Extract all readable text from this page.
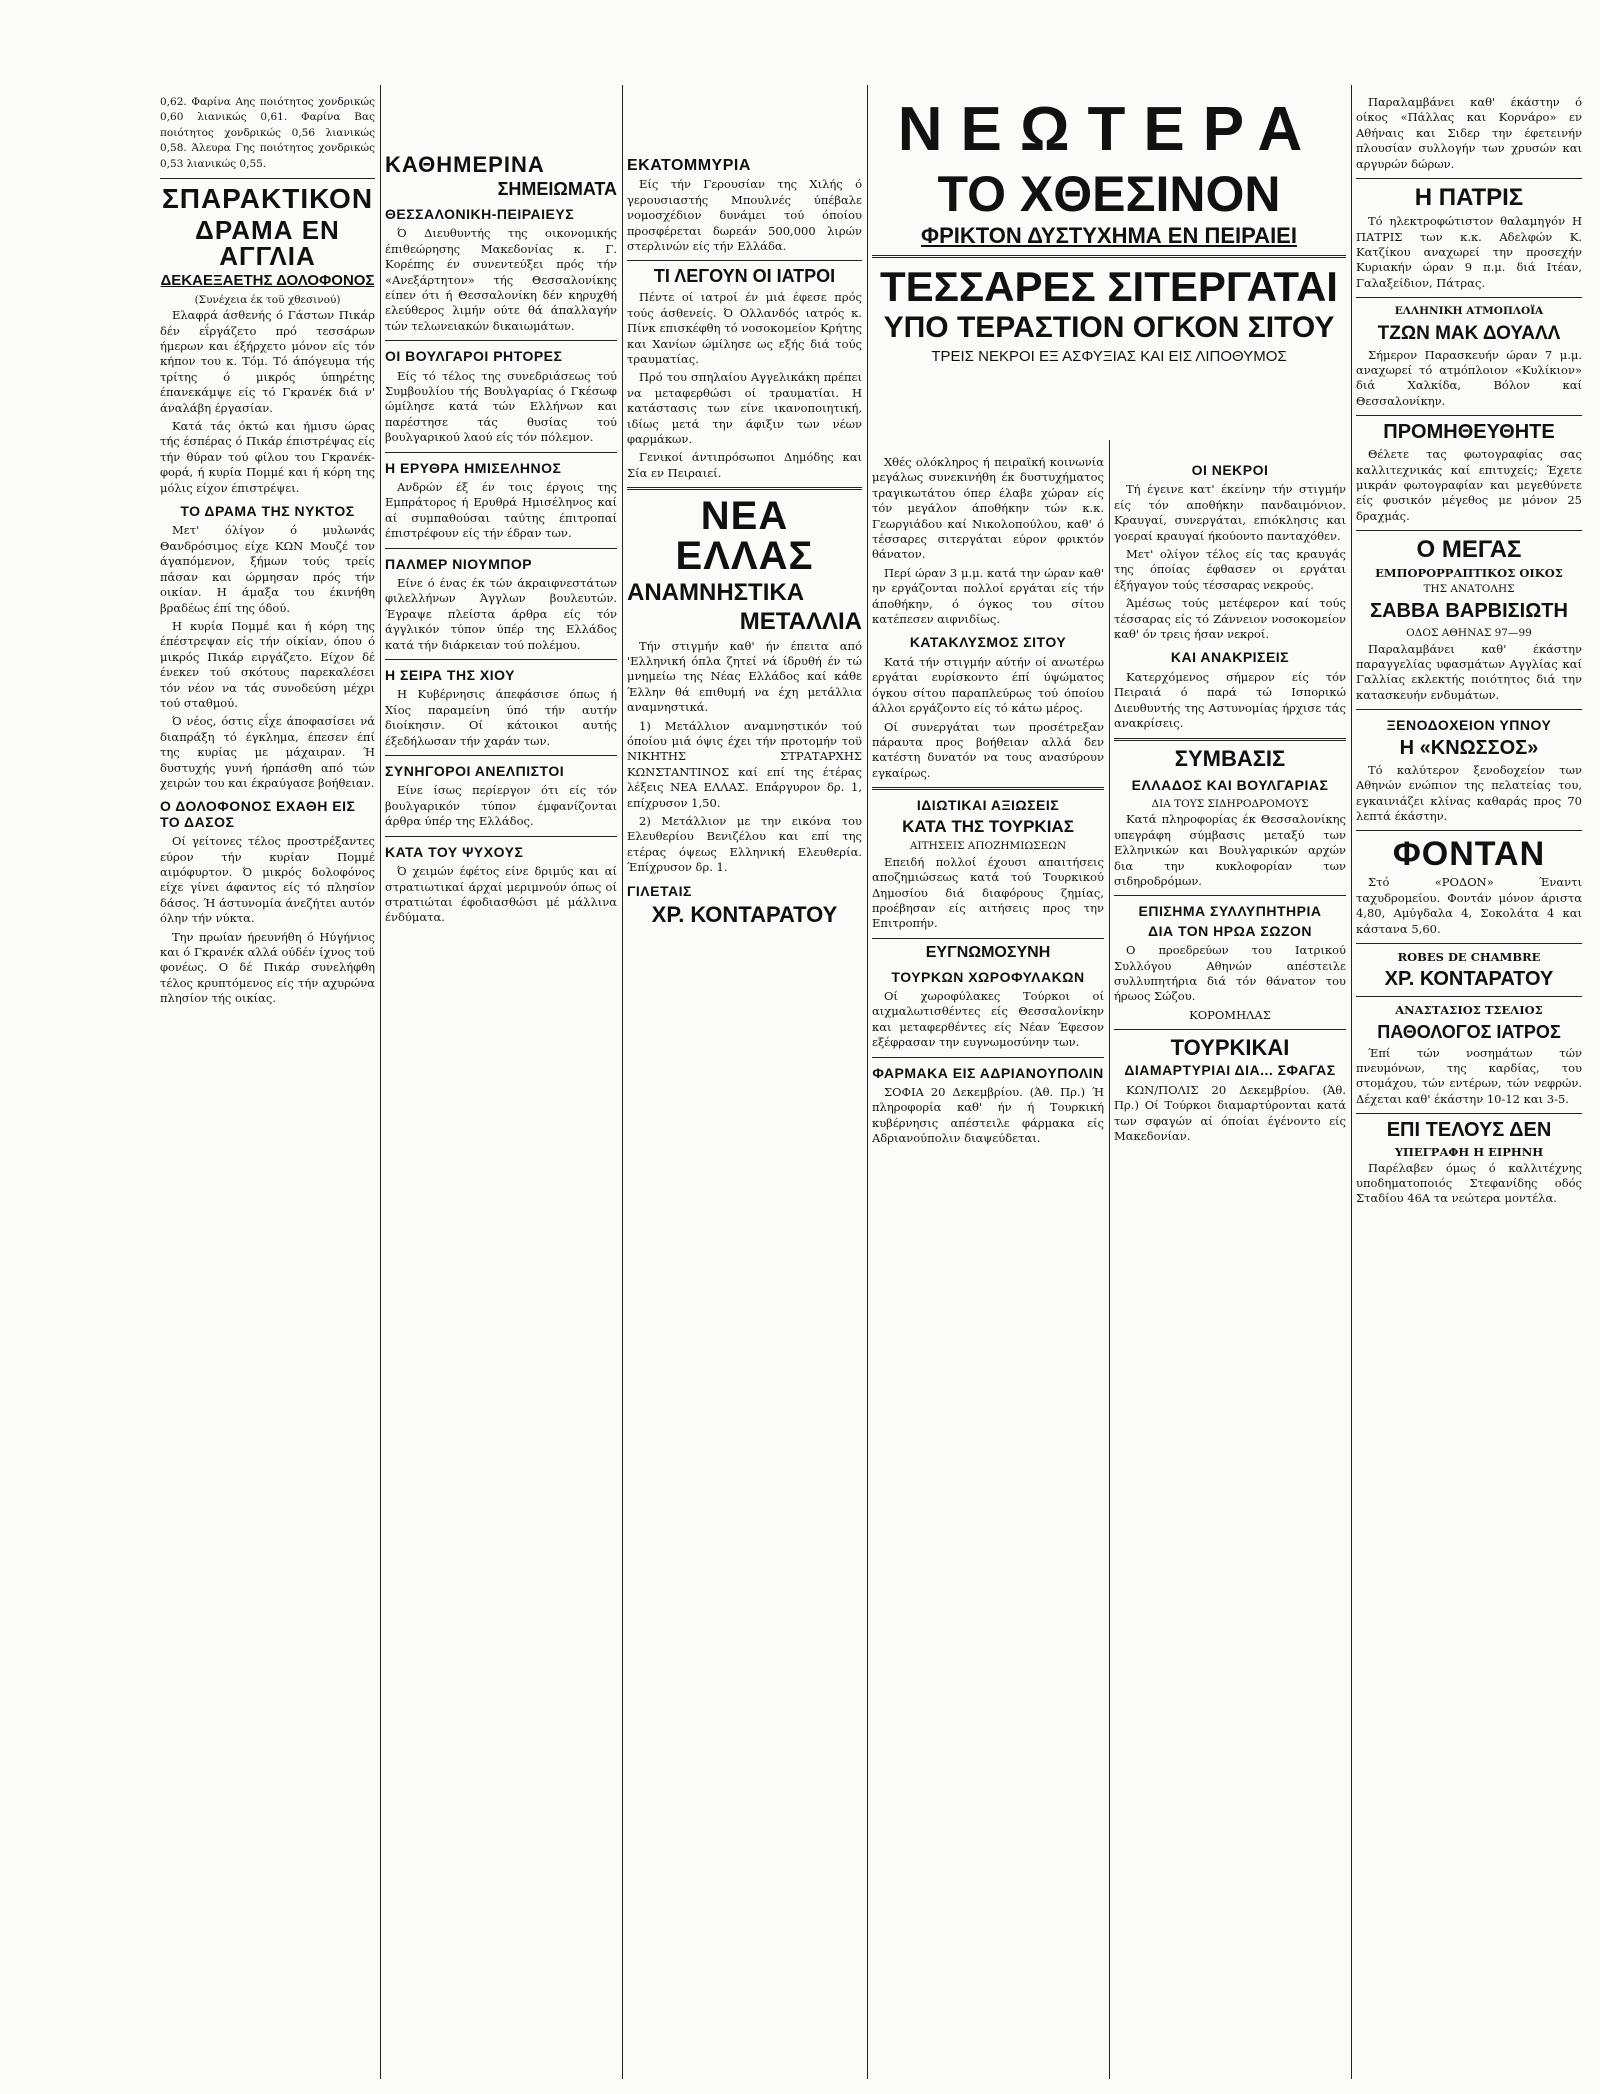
0,62. Φαρίνα Αης ποιότητος χονδρικώς 0,60 λιανικώς 0,61. Φαρίνα Βας ποιότητος χονδρικώς 0,56 λιανικώς 0,58. Άλευρα Γης ποιότητος χονδρικώς 0,53 λιανικώς 0,55.

ΣΠΑΡΑΚΤΙΚΟΝ
ΔΡΑΜΑ ΕΝ ΑΓΓΛΙΑ
ΔΕΚΑΕΞΑΕΤΗΣ ΔΟΛΟΦΟΝΟΣ
(Συνέχεια έκ τοϋ χθεσινού)

Ελαφρά άσθενής ό Γάστων Πικάρ δέν εΐργάζετο πρό τεσσάρων ήμερων και έξήρχετο μόνον είς τόν κήπον του κ. Τόμ. Τό άπόγευμα τής τρίτης ό μικρός ύπηρέτης έπανεκάμψε είς τό Γκρανέκ διά ν' άναλάβη έργασίαν.

Κατά τάς όκτώ και ήμισυ ώρας τής έσπέρας ό Πικάρ έπιστρέψας είς τήν θύραν τού φίλου του Γκρανέκ-φορά, ή κυρία Πομμέ και ή κόρη της μόλις είχον έπιστρέψει.

ΤΟ ΔΡΑΜΑ ΤΗΣ ΝΥΚΤΟΣ

Μετ' όλίγον ό μυλωνάς Θανδρόσιμος είχε ΚΩΝ Μουζέ τον άγαπόμενον, ξήμων τούς τρείς πάσαν και ώρμησαν πρός τήν οικίαν. Η άμαξα του έκινήθη βραδέως έπί της όδού.

Η κυρία Πομμέ και ή κόρη της έπέστρεψαν είς τήν οίκίαν, όπου ό μικρός Πικάρ ειργάζετο. Είχον δέ ένεκεν τού σκότους παρεκαλέσει τόν νέον να τάς συνοδεύση μέχρι τού σταθμού.

Ό νέος, όστις εΐχε άποφασίσει νά διαπράξη τό έγκλημα, έπεσεν έπί της κυρίας με μάχαιραν. Ή δυστυχής γυνή ήρπάσθη από τών χειρών του και έκραύγασε βοήθειαν.

Ο ΔΟΛΟΦΟΝΟΣ ΕΧΑΘΗ ΕΙΣ ΤΟ ΔΑΣΟΣ

Οί γείτονες τέλος προστρέξαντες εύρον τήν κυρίαν Πομμέ αιμόφυρτον. Ό μικρός δολοφόνος είχε γίνει άφαντος είς τό πλησίον δάσος. Ή άστυνομία άνεζήτει αυτόν όλην τήν νύκτα.

Την πρωίαν ήρευνήθη ό Ηύγήνιος και ό Γκρανέκ αλλά ούδέν ίχνος τοϋ φονέως. Ο δέ Πικάρ συνελήφθη τέλος κρυπτόμενος είς τήν αχυρώνα πλησίον τής οικίας.

ΚΑΘΗΜΕΡΙΝΑ
ΣΗΜΕΙΩΜΑΤΑ
ΘΕΣΣΑΛΟΝΙΚΗ-ΠΕΙΡΑΙΕΥΣ

Ό Διευθυντής της οικονομικής έπιθεώρησης Μακεδονίας κ. Γ. Κορέπης έν συνεντεύξει πρός τήν «Ανεξάρτητον» τής Θεσσαλονίκης είπεν ότι ή Θεσσαλονίκη δέν κηρυχθή ελεύθερος λιμήν ούτε θά άπαλλαγήν τών τελωνειακών δικαιωμάτων.

ΟΙ ΒΟΥΛΓΑΡΟΙ ΡΗΤΟΡΕΣ

Είς τό τέλος της συνεδριάσεως τού Συμβουλίου τής Βουλγαρίας ό Γκέσωφ ώμίλησε κατά τών Ελλήνων και παρέστησε τάς θυσίας τού βουλγαρικού λαού είς τόν πόλεμον.

Η ΕΡΥΘΡΑ ΗΜΙΣΕΛΗΝΟΣ

Ανδρών έξ έν τοις έργοις της Εμπράτορος ή Ερυθρά Ημισέληνος καί αί συμπαθούσαι ταύτης έπιτροπαί έπιστρέφουν είς τήν έδραν των.

ΠΑΛΜΕΡ ΝΙΟΥΜΠΟΡ

Είνε ό ένας έκ τών άκραιφνεστάτων φιλελλήνων Άγγλων βουλευτών. Έγραψε πλείστα άρθρα είς τόν άγγλικόν τύπον ύπέρ της Ελλάδος κατά τήν διάρκειαν τού πολέμου.

Η ΣΕΙΡΑ ΤΗΣ ΧΙΟΥ

Η Κυβέρνησις άπεφάσισε όπως ή Χίος παραμείνη ύπό τήν αυτήν διοίκησιν. Οί κάτοικοι αυτής έξεδήλωσαν τήν χαράν των.

ΣΥΝΗΓΟΡΟΙ ΑΝΕΛΠΙΣΤΟΙ

Είνε ίσως περίεργον ότι είς τόν βουλγαρικόν τύπον έμφανίζονται άρθρα ύπέρ της Ελλάδος.

ΚΑΤΑ ΤΟΥ ΨΥΧΟΥΣ

Ό χειμών έφέτος είνε δριμύς και αί στρατιωτικαί άρχαί μεριμνούν όπως οί στρατιώται έφοδιασθώσι μέ μάλλινα ένδύματα.

ΕΚΑΤΟΜΜΥΡΙΑ

Είς τήν Γερουσίαν της Χιλής ό γερουσιαστής Μπουλνές ύπέβαλε νομοσχέδιον δυνάμει τού όποίου προσφέρεται δωρεάν 500,000 λιρών στερλινών είς τήν Ελλάδα.

ΤΙ ΛΕΓΟΥΝ ΟΙ ΙΑΤΡΟΙ

Πέντε οί ιατροί έν μιά έφεσε πρός τούς άσθενείς. Ό Ολλανδός ιατρός κ. Πίνκ επισκέφθη τό νοσοκομείον Κρήτης και Χανίων ώμίλησε ως εξής διά τούς τραυματίας.

Πρό του σπηλαίου Αγγελικάκη πρέπει να μεταφερθώσι οί τραυματίαι. Η κατάστασις των είνε ικανοποιητική, ιδίως μετά την άφιξιν των νέων φαρμάκων.

Γενικοί άντιπρόσωποι Δημόδης και Σία εν Πειραιεί.

ΝΕΑ ΕΛΛΑΣ
ΑΝΑΜΝΗΣΤΙΚΑ
ΜΕΤΑΛΛΙΑ

Τήν στιγμήν καθ' ήν έπειτα από 'Ελληνική όπλα ζητεί νά ίδρυθή έν τώ μνημείω της Νέας Ελλάδος καί κάθε Έλλην θά επιθυμή να έχη μετάλλια αναμνηστικά.

1) Μετάλλιον αναμνηστικόν τού όποίου μιά όψις έχει τήν προτομήν τοϋ ΝΙΚΗΤΗΣ ΣΤΡΑΤΑΡΧΗΣ ΚΩΝΣΤΑΝΤΙΝΟΣ καί επί της έτέρας λέξεις ΝΕΑ ΕΛΛΑΣ. Επάργυρον δρ. 1, επίχρυσον 1,50.

2) Μετάλλιον με την εικόνα του Ελευθερίου Βενιζέλου και επί της ετέρας όψεως Ελληνική Ελευθερία. Έπίχρυσον δρ. 1.

ΓΙΛΕΤΑΙΣ
ΧΡ. ΚΟΝΤΑΡΑΤΟΥ
ΝΕΩΤΕΡΑ
ΤΟ ΧΘΕΣΙΝΟΝ
ΦΡΙΚΤΟΝ ΔΥΣΤΥΧΗΜΑ ΕΝ ΠΕΙΡΑΙΕΙ
ΤΕΣΣΑΡΕΣ ΣΙΤΕΡΓΑΤΑΙ
ΥΠΟ ΤΕΡΑΣΤΙΟΝ ΟΓΚΟΝ ΣΙΤΟΥ
ΤΡΕΙΣ ΝΕΚΡΟΙ ΕΞ ΑΣΦΥΞΙΑΣ ΚΑΙ ΕΙΣ ΛΙΠΟΘΥΜΟΣ

Χθές ολόκληρος ή πειραϊκή κοινωνία μεγάλως συνεκινήθη έκ δυστυχήματος τραγικωτάτου όπερ έλαβε χώραν είς τόν μεγάλον άποθήκην τών κ.κ. Γεωργιάδου καί Νικολοπούλου, καθ' ό τέσσαρες σιτεργάται εύρον φρικτόν θάνατον.

Περί ώραν 3 μ.μ. κατά την ώραν καθ' ην εργάζονται πολλοί εργάται είς τήν άποθήκην, ό όγκος του σίτου κατέπεσεν αιφνιδίως.

ΚΑΤΑΚΛΥΣΜΟΣ ΣΙΤΟΥ

Κατά τήν στιγμήν αύτήν οί ανωτέρω εργάται ευρίσκοντο έπί ύψώματος όγκου σίτου παραπλεύρως τού όποίου άλλοι εργάζοντο είς τό κάτω μέρος.

Οί συνεργάται των προσέτρεξαν πάραυτα προς βοήθειαν αλλά δεν κατέστη δυνατόν να τους ανασύρουν εγκαίρως.

ΙΔΙΩΤΙΚΑΙ ΑΞΙΩΣΕΙΣ
ΚΑΤΑ ΤΗΣ ΤΟΥΡΚΙΑΣ
ΑΙΤΗΣΕΙΣ ΑΠΟΖΗΜΙΩΣΕΩΝ

Επειδή πολλοί έχουσι απαιτήσεις αποζημιώσεως κατά τού Τουρκικού Δημοσίου διά διαφόρους ζημίας, προέβησαν είς αιτήσεις προς την Επιτροπήν.

ΕΥΓΝΩΜΟΣΥΝΗ
ΤΟΥΡΚΩΝ ΧΩΡΟΦΥΛΑΚΩΝ

Οί χωροφύλακες Τούρκοι οί αιχμαλωτισθέντες είς Θεσσαλονίκην και μεταφερθέντες είς Νέαν Έφεσον εξέφρασαν την ευγνωμοσύνην των.

ΦΑΡΜΑΚΑ ΕΙΣ ΑΔΡΙΑΝΟΥΠΟΛΙΝ

ΣΟΦΙΑ 20 Δεκεμβρίου. (Άθ. Πρ.) Ή πληροφορία καθ' ήν ή Τουρκική κυβέρνησις απέστειλε φάρμακα είς Αδριανούπολιν διαψεύδεται.

ΟΙ ΝΕΚΡΟΙ

Τή έγεινε κατ' έκείνην τήν στιγμήν είς τόν αποθήκην πανδαιμόνιον. Κραυγαί, συνεργάται, επιόκλησις και γοεραί κραυγαί ήκούοντο πανταχόθεν.

Μετ' ολίγον τέλος είς τας κραυγάς της όποίας έφθασεν οι εργάται έξήγαγον τούς τέσσαρας νεκρούς.

Άμέσως τούς μετέφερον καί τούς τέσσαρας είς τό Ζάννειον νοσοκομείον καθ' όν τρεις ήσαν νεκροί.

ΚΑΙ ΑΝΑΚΡΙΣΕΙΣ

Κατερχόμενος σήμερον είς τόν Πειραιά ό παρά τώ Ισπορικώ Διευθυντής της Αστυνομίας ήρχισε τάς ανακρίσεις.

ΣΥΜΒΑΣΙΣ
ΕΛΛΑΔΟΣ ΚΑΙ ΒΟΥΛΓΑΡΙΑΣ
ΔΙΑ ΤΟΥΣ ΣΙΔΗΡΟΔΡΟΜΟΥΣ

Κατά πληροφορίας έκ Θεσσαλονίκης υπεγράφη σύμβασις μεταξύ των Ελληνικών και Βουλγαρικών αρχών δια την κυκλοφορίαν των σιδηροδρόμων.

ΕΠΙΣΗΜΑ ΣΥΛΛΥΠΗΤΗΡΙΑ
ΔΙΑ ΤΟΝ ΗΡΩΑ ΣΩΖΟΝ

Ο προεδρεύων του Ιατρικού Συλλόγου Αθηνών απέστειλε συλλυπητήρια διά τόν θάνατον του ήρωος Σώζου.

ΚΟΡΟΜΗΛΑΣ
ΤΟΥΡΚΙΚΑΙ
ΔΙΑΜΑΡΤΥΡΙΑΙ ΔΙΑ... ΣΦΑΓΑΣ

ΚΩΝ/ΠΟΛΙΣ 20 Δεκεμβρίου. (Άθ. Πρ.) Οί Τούρκοι διαμαρτύρονται κατά των σφαγών αί όποίαι έγένοντο είς Μακεδονίαν.

Παραλαμβάνει καθ' έκάστην ό οίκος «Πάλλας και Κορνάρο» εν Αθήναις και Σιδερ την έφετεινήν πλουσίαν συλλογήν των χρυσών και αργυρών δώρων.

Η ΠΑΤΡΙΣ

Τό ηλεκτροφώτιστον θαλαμηγόν Η ΠΑΤΡΙΣ των κ.κ. Αδελφών Κ. Κατζίκου αναχωρεί την προσεχήν Κυριακήν ώραν 9 π.μ. διά Ιτέαν, Γαλαξείδιον, Πάτρας.

ΕΛΛΗΝΙΚΗ ΑΤΜΟΠΛΟΪΑ
ΤΖΩΝ ΜΑΚ ΔΟΥΑΛΛ

Σήμερον Παρασκευήν ώραν 7 μ.μ. αναχωρεί τό ατμόπλοιον «Κυλίκιον» διά Χαλκίδα, Βόλον καί Θεσσαλονίκην.

ΠΡΟΜΗΘΕΥΘΗΤΕ

Θέλετε τας φωτογραφίας σας καλλιτεχνικάς καί επιτυχείς; Έχετε μικράν φωτογραφίαν και μεγεθύνετε είς φυσικόν μέγεθος με μόνον 25 δραχμάς.

Ο ΜΕΓΑΣ
ΕΜΠΟΡΟΡΡΑΠΤΙΚΟΣ ΟΙΚΟΣ
ΤΗΣ ΑΝΑΤΟΛΗΣ
ΣΑΒΒΑ ΒΑΡΒΙΣΙΩΤΗ
ΟΔΟΣ ΑΘΗΝΑΣ 97—99

Παραλαμβάνει καθ' έκάστην παραγγελίας υφασμάτων Αγγλίας καί Γαλλίας εκλεκτής ποιότητος διά την κατασκευήν ενδυμάτων.

ΞΕΝΟΔΟΧΕΙΟΝ ΥΠΝΟΥ
Η «ΚΝΩΣΣΟΣ»

Τό καλύτερον ξενοδοχείον των Αθηνών ενώπιον της πελατείας του, εγκαινιάζει κλίνας καθαράς προς 70 λεπτά έκάστην.

ΦΟΝΤΑΝ

Στό «ΡΟΔΟΝ» Έναντι ταχυδρομείου. Φοντάν μόνον άριστα 4,80, Αμύγδαλα 4, Σοκολάτα 4 και κάστανα 5,60.

ROBES DE CHAMBRE
ΧΡ. ΚΟΝΤΑΡΑΤΟΥ
ΑΝΑΣΤΑΣΙΟΣ ΤΣΕΛΙΟΣ
ΠΑΘΟΛΟΓΟΣ ΙΑΤΡΟΣ

Έπί τών νοσημάτων τών πνευμόνων, της καρδίας, του στομάχου, τών εντέρων, τών νεφρών. Δέχεται καθ' έκάστην 10-12 και 3-5.

ΕΠΙ ΤΕΛΟΥΣ ΔΕΝ
ΥΠΕΓΡΑΦΗ Η ΕΙΡΗΝΗ

Παρέλαβεν όμως ό καλλιτέχνης υποδηματοποιός Στεφανίδης οδός Σταδίου 46Α τα νεώτερα μοντέλα.
